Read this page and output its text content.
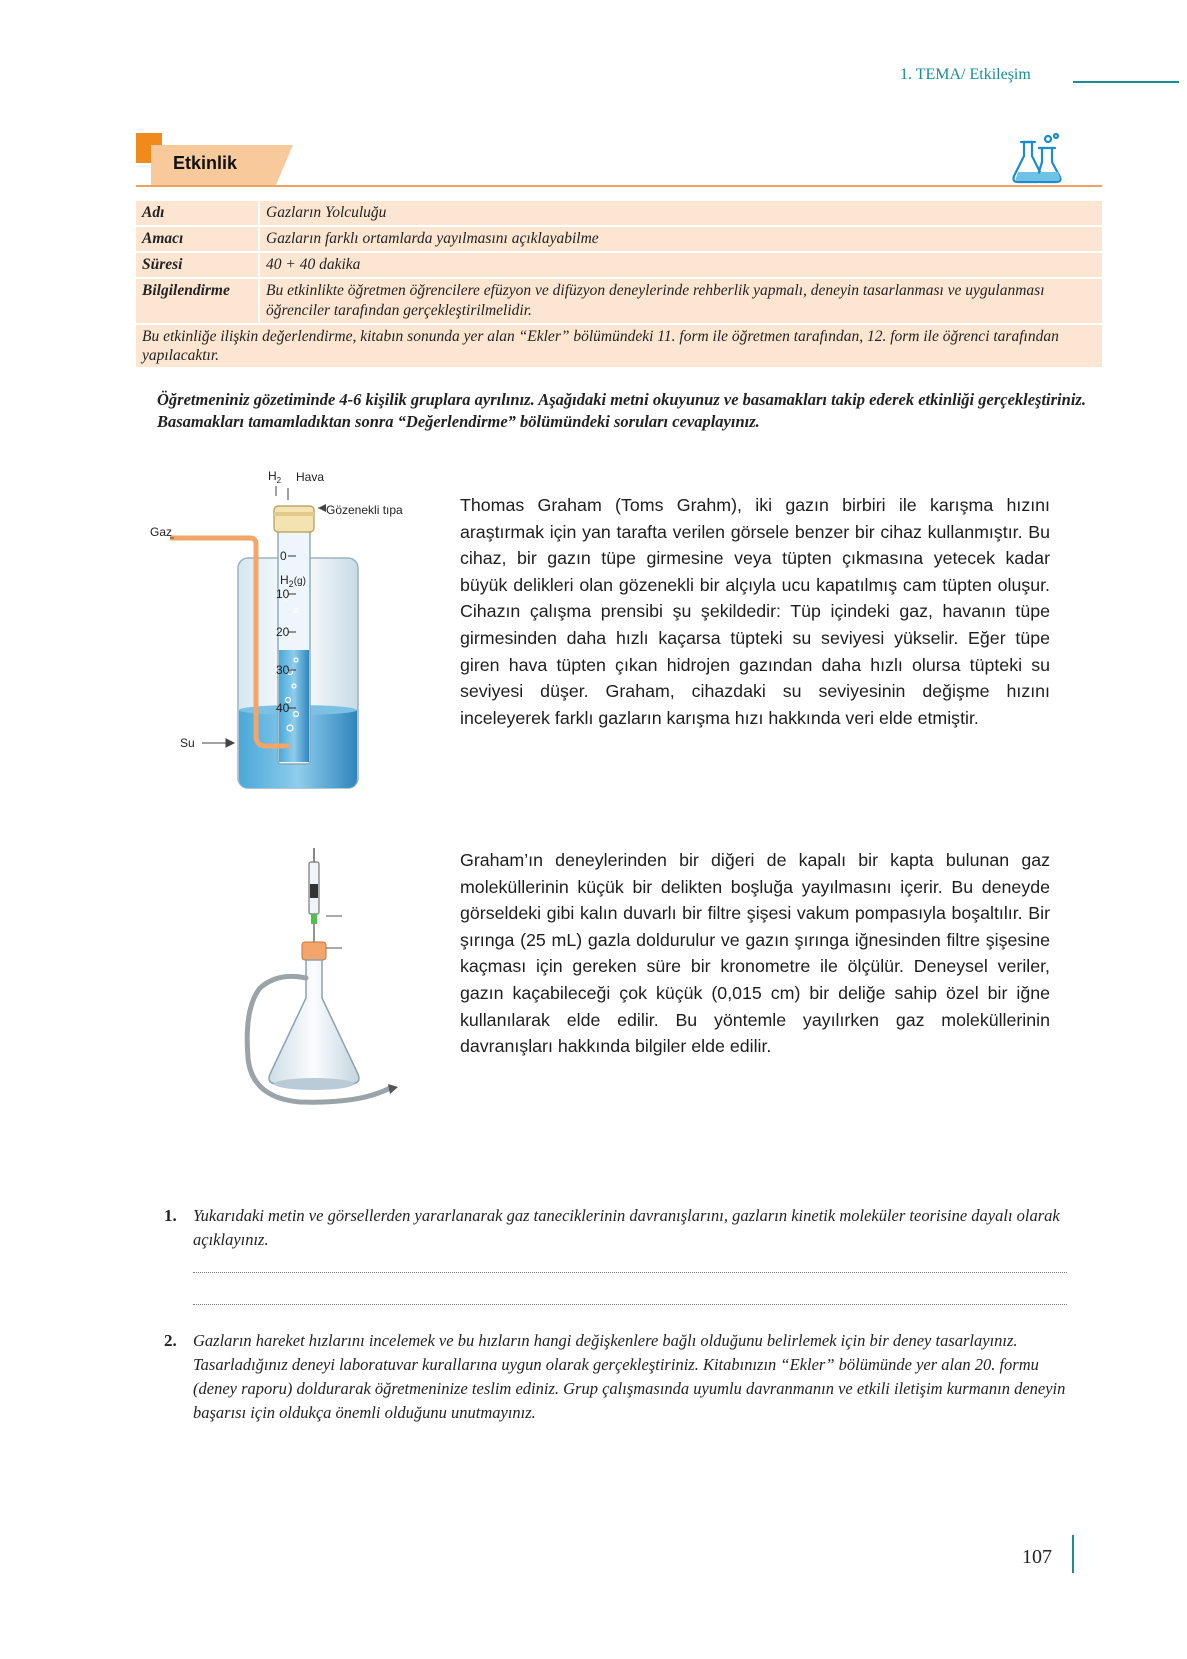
1. TEMA/ Etkileşim
Etkinlik
Adı	Gazların Yolculuğu
Amacı	Gazların farklı ortamlarda yayılmasını açıklayabilme
Süresi	40 + 40 dakika
Bilgilendirme	Bu etkinlikte öğretmen öğrencilere efüzyon ve difüzyon deneylerinde rehberlik yapmalı, deneyin tasarlanması ve uygulanması öğrenciler tarafından gerçekleştirilmelidir.
Bu etkinliğe ilişkin değerlendirme, kitabın sonunda yer alan “Ekler” bölümündeki 11. form ile öğretmen tarafından, 12. form ile öğrenci tarafından yapılacaktır.	
Öğretmeniniz gözetiminde 4-6 kişilik gruplara ayrılınız. Aşağıdaki metni okuyunuz ve basamakları takip ederek etkinliği gerçekleştiriniz. Basamakları tamamladıktan sonra “Değerlendirme” bölümündeki soruları cevaplayınız.
$H_2$ Hava
Gözenekli tıpa
Gaz
Su
$H_2^{(g)}$
0
10
20
30
40
Thomas Graham (Toms Grahm), iki gazın birbiri ile karışma hızını araştırmak için yan tarafta verilen görsele benzer bir cihaz kullanmıştır. Bu cihaz, bir gazın tüpe girmesine veya tüpten çıkmasına yetecek kadar büyük delikleri olan gözenekli bir alçıyla ucu kapatılmış cam tüpten oluşur. Cihazın çalışma prensibi şu şekildedir: Tüp içindeki gaz, havanın tüpe girmesinden daha hızlı kaçarsa tüpteki su seviyesi yükselir. Eğer tüpe giren hava tüpten çıkan hidrojen gazından daha hızlı olursa tüpteki su seviyesi düşer. Graham, cihazdaki su seviyesinin değişme hızını inceleyerek farklı gazların karışma hızı hakkında veri elde etmiştir.
Graham’ın deneylerinden bir diğeri de kapalı bir kapta bulunan gaz moleküllerinin küçük bir delikten boşluğa yayılmasını içerir. Bu deneyde görseldeki gibi kalın duvarlı bir filtre şişesi vakum pompasıyla boşaltılır. Bir şırınga (25 mL) gazla doldurulur ve gazın şırınga iğnesinden filtre şişesine kaçması için gereken süre bir kronometre ile ölçülür. Deneysel veriler, gazın kaçabileceği çok küçük (0,015 cm) bir deliğe sahip özel bir iğne kullanılarak elde edilir. Bu yöntemle yayılırken gaz moleküllerinin davranışları hakkında bilgiler elde edilir.
1. Yukarıdaki metin ve görsellerden yararlanarak gaz taneciklerinin davranışlarını, gazların kinetik moleküler teorisine dayalı olarak açıklayınız.
2. Gazların hareket hızlarını incelemek ve bu hızların hangi değişkenlere bağlı olduğunu belirlemek için bir deney tasarlayınız. Tasarladığınız deneyi laboratuvar kurallarına uygun olarak gerçekleştiriniz. Kitabınızın “Ekler” bölümünde yer alan 20. formu (deney raporu) doldurarak öğretmeninize teslim ediniz. Grup çalışmasında uyumlu davranmanın ve etkili iletişim kurmanın deneyin başarısı için oldukça önemli olduğunu unutmayınız.
107
